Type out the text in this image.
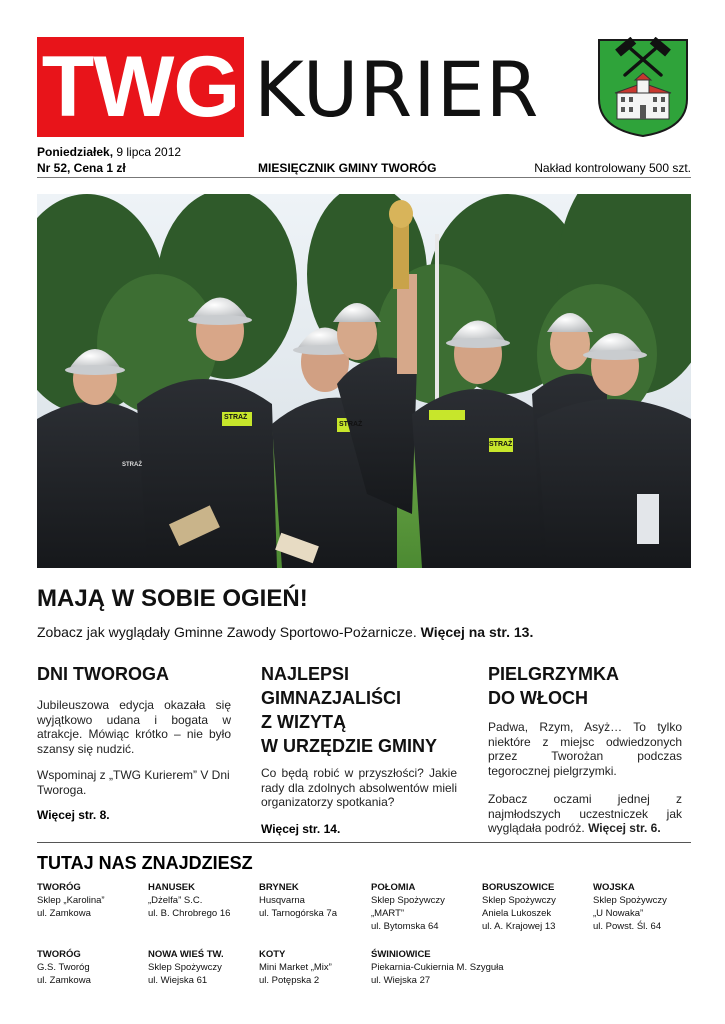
TWG KURIER
Poniedziałek, 9 lipca 2012
Nr 52, Cena 1 zł	MIESIĘCZNIK GMINY TWORÓG	Nakład kontrolowany 500 szt.
STRAŻ
STRAŻ
STRAŻ
STRAŻ
MAJĄ W SOBIE OGIEŃ!
Zobacz jak wyglądały Gminne Zawody Sportowo-Pożarnicze. Więcej na str. 13.
DNI TWOROGA
Jubileuszowa edycja okazała się wyjątkowo udana i bogata w atrakcje. Mówiąc krótko – nie było szansy się nudzić.
Wspominaj z „TWG Kurierem” V Dni Tworoga.
Więcej str. 8.
NAJLEPSI
GIMNAZJALIŚCI
Z WIZYTĄ
W URZĘDZIE GMINY
Co będą robić w przyszłości? Jakie rady dla zdolnych absolwentów mieli organizatorzy spotkania?
Więcej str. 14.
PIELGRZYMKA
DO WŁOCH
Padwa, Rzym, Asyż… To tylko niektóre z miejsc odwiedzonych przez Tworożan podczas tegorocznej pielgrzymki.
Zobacz oczami jednej z najmłodszych uczestniczek jak wyglądała podróż. Więcej str. 6.
TUTAJ NAS ZNAJDZIESZ
TWORÓG
Sklep „Karolina”
ul. Zamkowa
HANUSEK
„Dżelfa” S.C.
ul. B. Chrobrego 16
BRYNEK
Husqvarna
ul. Tarnogórska 7a
POŁOMIA
Sklep Spożywczy
„MART”
ul. Bytomska 64
BORUSZOWICE
Sklep Spożywczy
Aniela Lukoszek
ul. A. Krajowej 13
WOJSKA
Sklep Spożywczy
„U Nowaka”
ul. Powst. Śl. 64
TWORÓG
G.S. Tworóg
ul. Zamkowa
NOWA WIEŚ TW.
Sklep Spożywczy
ul. Wiejska 61
KOTY
Mini Market „Mix”
ul. Potępska 2
ŚWINIOWICE
Piekarnia-Cukiernia M. Szyguła
ul. Wiejska 27
